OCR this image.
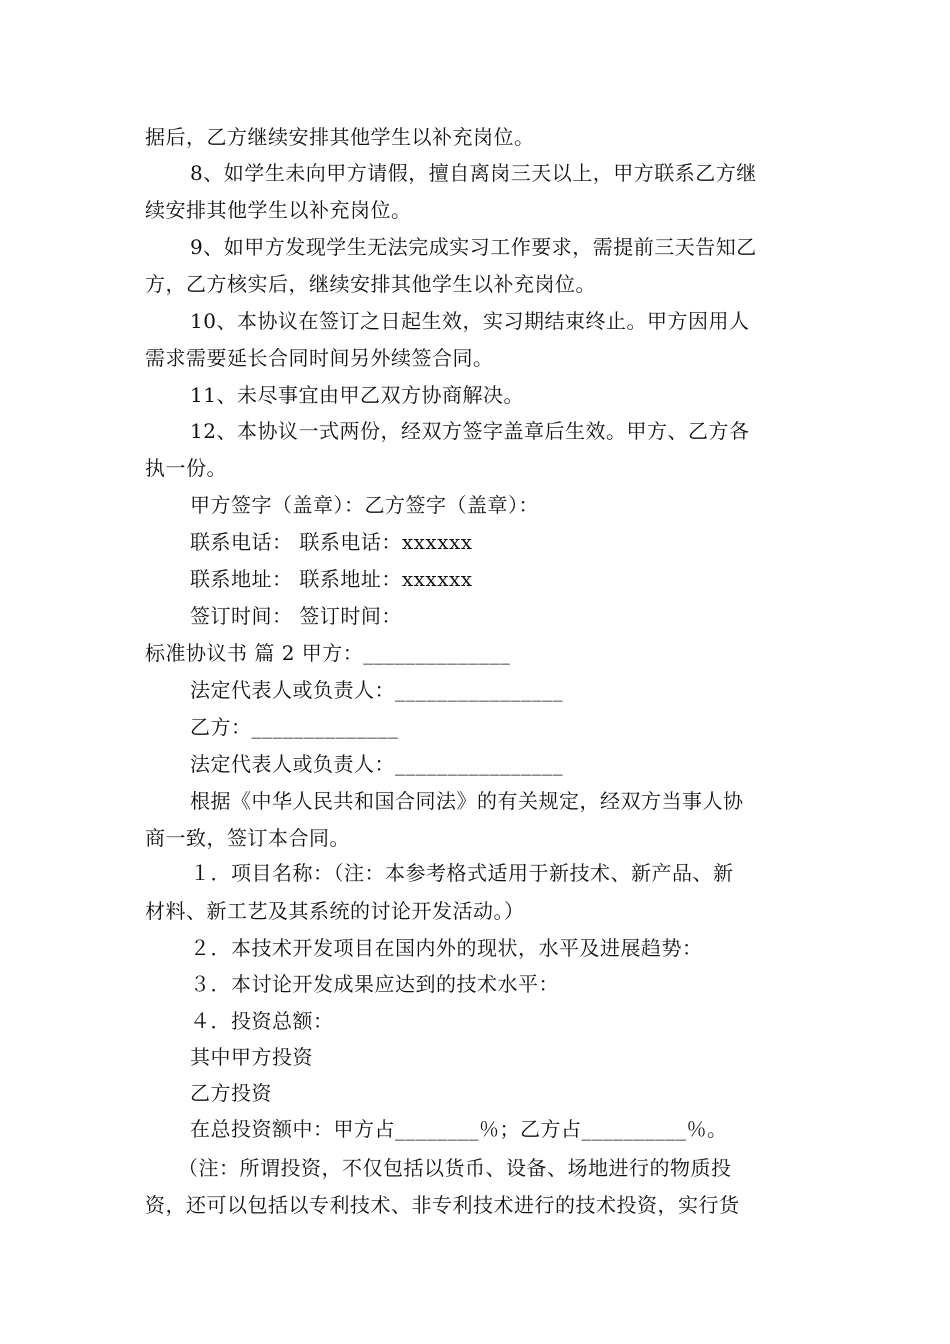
据后，乙方继续安排其他学生以补充岗位。
8、如学生未向甲方请假，擅自离岗三天以上，甲方联系乙方继
续安排其他学生以补充岗位。
9、如甲方发现学生无法完成实习工作要求，需提前三天告知乙
方，乙方核实后，继续安排其他学生以补充岗位。
10、本协议在签订之日起生效，实习期结束终止。甲方因用人
需求需要延长合同时间另外续签合同。
11、未尽事宜由甲乙双方协商解决。
12、本协议一式两份，经双方签字盖章后生效。甲方、乙方各
执一份。
甲方签字（盖章）：乙方签字（盖章）：
联系电话： 联系电话：xxxxxx
联系地址： 联系地址：xxxxxx
签订时间： 签订时间：
标准协议书 篇 2 甲方：______________
法定代表人或负责人：________________
乙方：______________
法定代表人或负责人：________________
根据《中华人民共和国合同法》的有关规定，经双方当事人协
商一致，签订本合同。
１．项目名称：（注：本参考格式适用于新技术、新产品、新
材料、新工艺及其系统的讨论开发活动。）
２．本技术开发项目在国内外的现状，水平及进展趋势：
３．本讨论开发成果应达到的技术水平：
４．投资总额：
其中甲方投资
乙方投资
在总投资额中：甲方占________％；乙方占__________％。
（注：所谓投资，不仅包括以货币、设备、场地进行的物质投
资，还可以包括以专利技术、非专利技术进行的技术投资，实行货
